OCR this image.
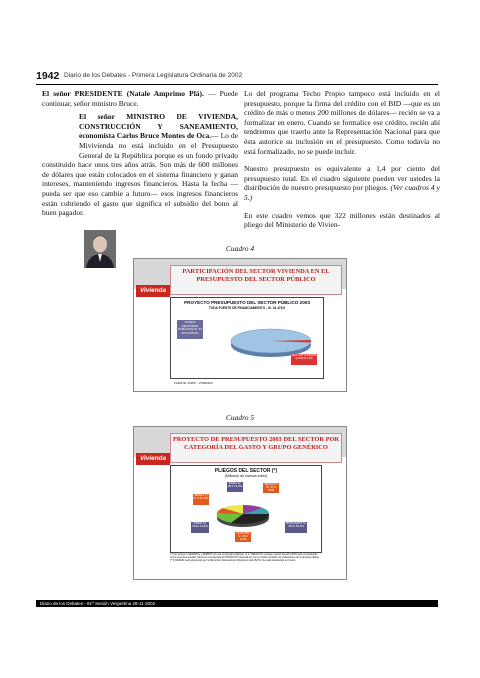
1942 Diario de los Debates - Primera Legislatura Ordinaria de 2002

El señor PRESIDENTE (Natale Amprimo Plá). — Puede continuar, señor ministro Bruce.

El señor MINISTRO DE VIVIENDA, CONSTRUCCIÓN Y SANEAMIENTO, economista Carlos Bruce Montes de Oca.— Lo de Mivivienda no está incluido en el Presupuesto General de la República porque es un fondo privado constituido hace unos tres años atrás. Son más de 600 millones de dólares que están colocados en el sistema financiero y ganan intereses, manteniendo ingresos financieros. Hasta la fecha —pueda ser que eso cambie a futuro— esos ingresos financieros están cubriendo el gasto que significa el subsidio del bono al buen pagador.

Lo del programa Techo Propio tampoco está incluido en el presupuesto, porque la firma del crédito con el BID —que es un crédito de más o menos 200 millones de dólares— recién se va a formalizar en enero. Cuando se formalice ese crédito, recién ahí tendremos que traerlo ante la Representación Nacional para que ésta autorice su inclusión en el presupuesto. Como todavía no está formalizado, no se puede incluir.

Nuestro presupuesto es equivalente a 1,4 por ciento del presupuesto total. En el cuadro siguiente pueden ver ustedes la distribución de nuestro presupuesto por pliegos. (Ver cuadros 4 y 5.)

En este cuadro vemos que 322 millones están destinados al pliego del Ministerio de Vivien-

Cuadro 4
PARTICIPACIÓN DEL SECTOR VIVIENDA EN EL PRESUPUESTO DEL SECTOR PÚBLICO
Vivienda
PROYECTO PRESUPUESTO DEL SECTOR PÚBLICO 2003
TODA FUENTE DE FINANCIAMIENTO - S/. 44 476,9
OTROS SECTORES PÚBLICOS S/. 43 873,3 98,6%
SECTOR VIVIENDA S/.603,6 1,4%
FUENTE: DNPP - VIVIENDA
Cuadro 5
PROYECTO DE PRESUPUESTO 2003 DEL SECTOR POR CATEGORÍA DEL GASTO Y GRUPO GENÉRICO
Vivienda
PLIEGOS DEL SECTOR (*)
(Millones de nuevos soles)
INFES S/. 96,0 15,9%
SENCICO S/. 57,3 9,5%
SBAVIA (*) S/. 6,8 1,1%
INADE S/. 103,6 16,8%
MINISTERIO S/. 322,0 53,3%
COFOPRI S/. 20,4 3,4%
(*) No incluye a SEDAPAL y MIMIVIT por ser empresas públicas, ni a "SENCICO, porque a partir del año 2003 está considerado como empresa estatal. Tampoco comprende al FONDO Mi Vivienda por ser un fondo privado con tratamiento de empresa pública.
(**) INADUR será absorvido por la Dirección Nacional de Urbanismo del MVCS. Se está tramitando su fusión.
Diario de los Debates - 81ª Sesión Vespertina 28-11-2002
